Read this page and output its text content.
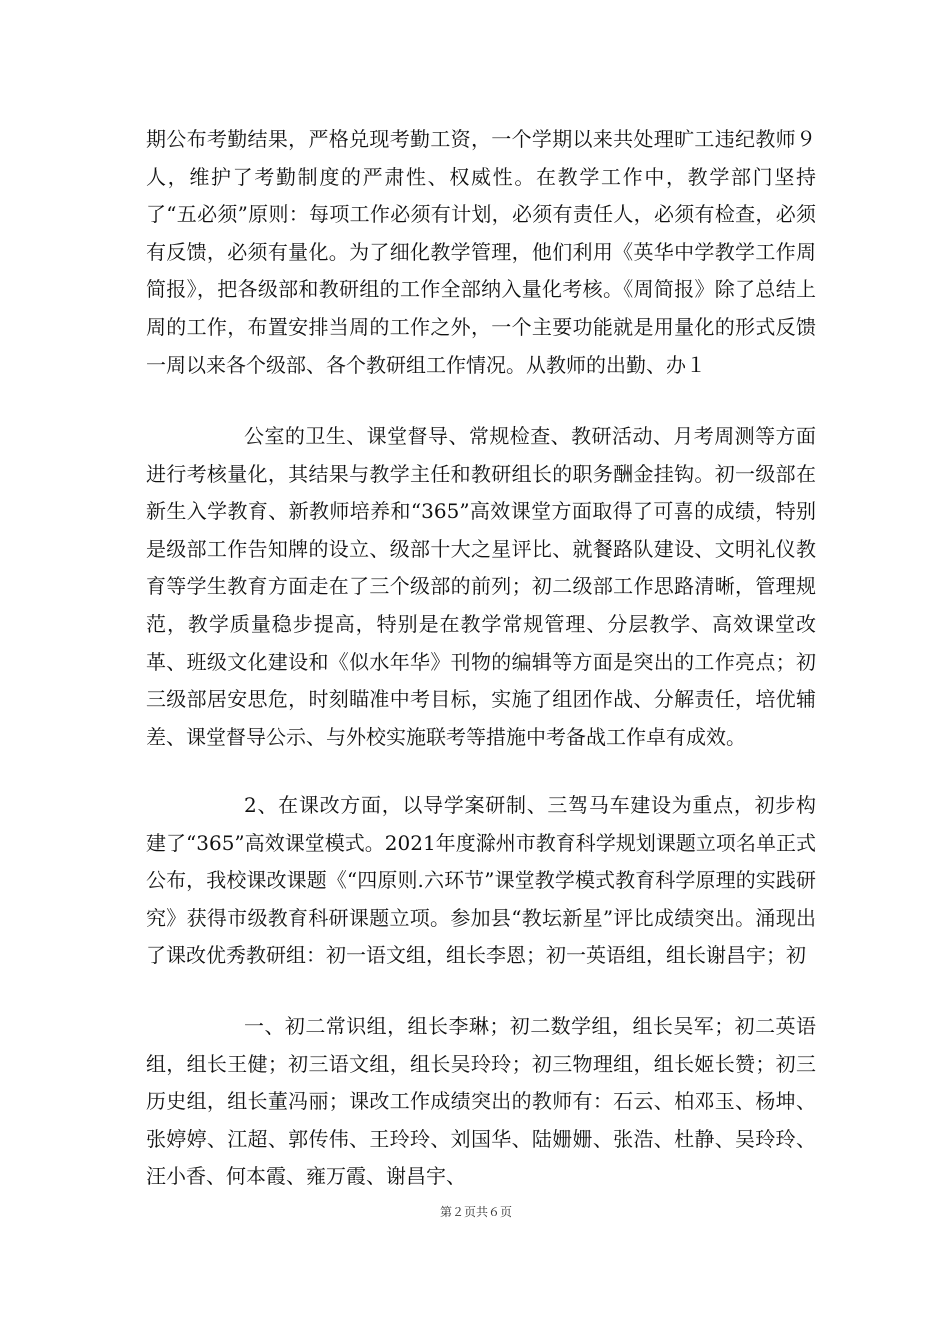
期公布考勤结果，严格兑现考勤工资，一个学期以来共处理旷工违纪教师９人，维护了考勤制度的严肃性、权威性。在教学工作中，教学部门坚持了“五必须”原则：每项工作必须有计划，必须有责任人，必须有检查，必须有反馈，必须有量化。为了细化教学管理，他们利用《英华中学教学工作周简报》，把各级部和教研组的工作全部纳入量化考核。《周简报》除了总结上周的工作，布置安排当周的工作之外，一个主要功能就是用量化的形式反馈一周以来各个级部、各个教研组工作情况。从教师的出勤、办１

公室的卫生、课堂督导、常规检查、教研活动、月考周测等方面进行考核量化，其结果与教学主任和教研组长的职务酬金挂钩。初一级部在新生入学教育、新教师培养和“365”高效课堂方面取得了可喜的成绩，特别是级部工作告知牌的设立、级部十大之星评比、就餐路队建设、文明礼仪教育等学生教育方面走在了三个级部的前列；初二级部工作思路清晰，管理规范，教学质量稳步提高，特别是在教学常规管理、分层教学、高效课堂改革、班级文化建设和《似水年华》刊物的编辑等方面是突出的工作亮点；初三级部居安思危，时刻瞄准中考目标，实施了组团作战、分解责任，培优辅差、课堂督导公示、与外校实施联考等措施中考备战工作卓有成效。

2、在课改方面，以导学案研制、三驾马车建设为重点，初步构建了“365”高效课堂模式。2021年度滁州市教育科学规划课题立项名单正式公布，我校课改课题《“四原则.六环节”课堂教学模式教育科学原理的实践研究》获得市级教育科研课题立项。参加县“教坛新星”评比成绩突出。涌现出了课改优秀教研组：初一语文组，组长李恩；初一英语组，组长谢昌宇；初

一、初二常识组，组长李琳；初二数学组，组长吴军；初二英语组，组长王健；初三语文组，组长吴玲玲；初三物理组，组长姬长赞；初三历史组，组长董冯丽；课改工作成绩突出的教师有：石云、柏邓玉、杨坤、张婷婷、江超、郭传伟、王玲玲、刘国华、陆姗姗、张浩、杜静、吴玲玲、汪小香、何本霞、雍万霞、谢昌宇、

第２页共６页
